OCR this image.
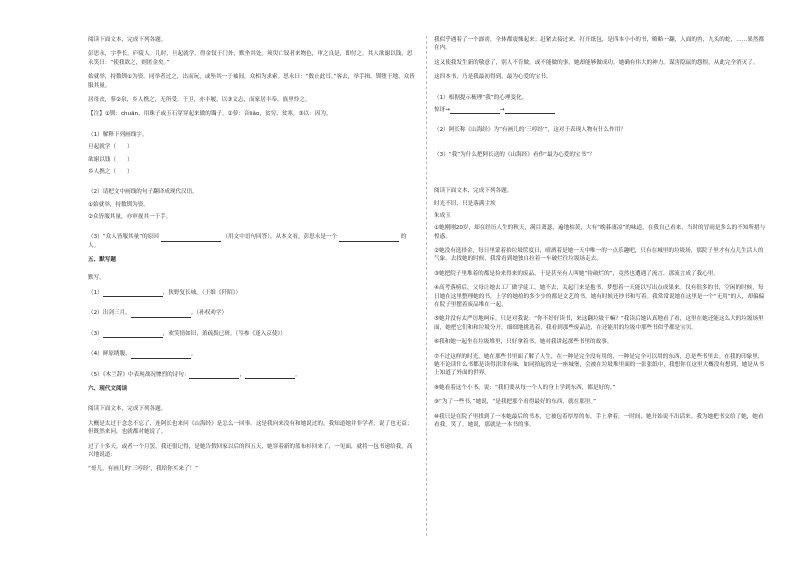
阅读下面文本，完成下列各题。

彭思永，字季长，庐陵人。儿时，旦起就学，得金钗于门外，默坐其处。须臾亡钗者来物色，审之良是，即付之。其人欲谢以钱，思永笑曰：“使我欲之，则匿金矣。”

始就举，持数钏①为资。同举者过之，出而玩，或坠其一于袖间，众相为求索。思永曰：“数止此耳。”客去，举手揖，钏堕于地，众皆服其量。

居母丧，蓼②泉，乡人携之，无所受。于卫，亦丰履，以③文志，而家居丰奉，族里怜之。

【注】①钏：chuān，用珠子或玉石穿穿起来做的镯子。②蓼：音liǎo，贫穷、贫寒。③以：因为。

（1）解释下列画线字。
旦起就学（　　）
欲谢以钱（　　）
乡人携之（　　）
（2）请把文中画线的句子翻译成现代汉语。
①始就举，持数钏为资。
②众皆服其量，亦审视其一于手。
（3）“众人皆服其量”的原因	（用文中语句回答）。从本文看，彭思永是一个	的人。
五、默写题
默写。
（1）	，狭野复长城。（王维《阡陌》）
（2）出剑三月，	。（孙权劝学）
（3）	，欢笑情如旧，萧疏鬓已斑。（岑参《逢入京使》）
（4）鲜原绣腹，	。
（5）《木兰辞》中表现战况惨烈的诗句：	，	。
六、现代文阅读

阅读下面文本，完成下列各题。

大概是太过于念念不忘了，连阿长也来问《山海经》是怎么一回事。这是我向来没有和她说过的，我知道她并非学者，说了也无益；但既然来问，也就都对她说了。

过了十多天，或者一个月罢，我还很记得，是她告假回家以后的四五天，她穿着新的蓝布衫回来了，一见面，就将一包书递给我，高兴地说道：

“哥儿，有画儿的‘三哼经’，我给你买来了！”

我似乎遇着了一个霹雳，全体都震悚起来；赶紧去接过来，打开纸包，是四本小小的书，略略一翻，人面的兽，九头的蛇，……果然都在内。

这又使我发生新的敬意了，别人不肯做，或不能做的事，她却能够做成功。她确有伟大的神力。谋害隐鼠的怨恨，从此完全消灭了。

这四本书，乃是我最初得到，最为心爱的宝书。

（1）根据提示梳理“我”的心理变化。
惊讶→	→
（2）阿长称《山海经》为“有画儿的‘三哼经’”，这对于表现人物有什么作用？
（3）“我”为什么把阿长送的《山海经》看作“最为心爱的宝书”？
阅读下面文本，完成下列各题。
时光不旧，只是落满尘埃
朱成玉

①她刚刚20岁，却在经历人生的秋天，满目萧瑟，遍地枯黄，大有“晚暮凄凉”的味道。在我自己看来，当时的冒雨是多么的不知所措与惶惑。

②她没有选择金，每日里蒙着拾垃圾筐度日，晴洒着是她一天中唯一的一点乐趣吧，只有在城里的垃圾场，那院子里才有点儿生活人的气象。去找她的时候，我常看到她独自拉着一车破烂往垃圾场走去。

③她把院子里堆着的都是捡来得来的废品，于是甚至有人叫她“捡破烂的”，竟然也遭遇了流言，那流言成了我心里。

④高考落榜后，父母让她去工厂做学徒工，她不去，关起门来是抱书，梦想着一天能以写出点成果来。仅有很多的书，空闲的时候，每日她在这里整理她的书，上学的她拾的多少少的都是文艺的书，她有时候还抄书和写着。我常常说她在这里是一个“无用”的人，却偏偏在院子里摆着废品堆在一起。

⑤她并没有太严厉地呵斥，只是对我说：“你不好好读书，来这翻垃圾干嘛？”我读后她认真地看了看，这里在她还能这么大的垃圾场里面，她把它们和和垃圾分开，细细地挑选着，我看到那些废品边，在还能用的垃圾中那些书似乎都是宝贝。

⑥我和她一起坐在垃圾堆里，只好拿着书，她对我讲起那些书里的故事。

⑦不过这样的时光，她在那些书里面了解了人生，在一种是完全没有用的，一种是完全可以用的东西，总是些书里去。在我的印象里，她不论读什么书都是读得津津有味，如同拾起的是一座城堡，会被在垃圾堆里面的一张张纸中，我想你在这里大概没有想到，她是从书上知道了外面的世界。

⑧她看着这个小书，说：“我们要从每一个人的身上学到东西，都是好的。”

⑨“为了一些书，”她说，“是我把那个看得最好的东西，就在那里。”

⑩我只是在院子里找到了一本她最后的书本，它被包着厚厚的布，手上拿着，一时间，她开始说不出话来。我为她把书交给了她，她看看我，笑了。她说，那就是一本书的事。
